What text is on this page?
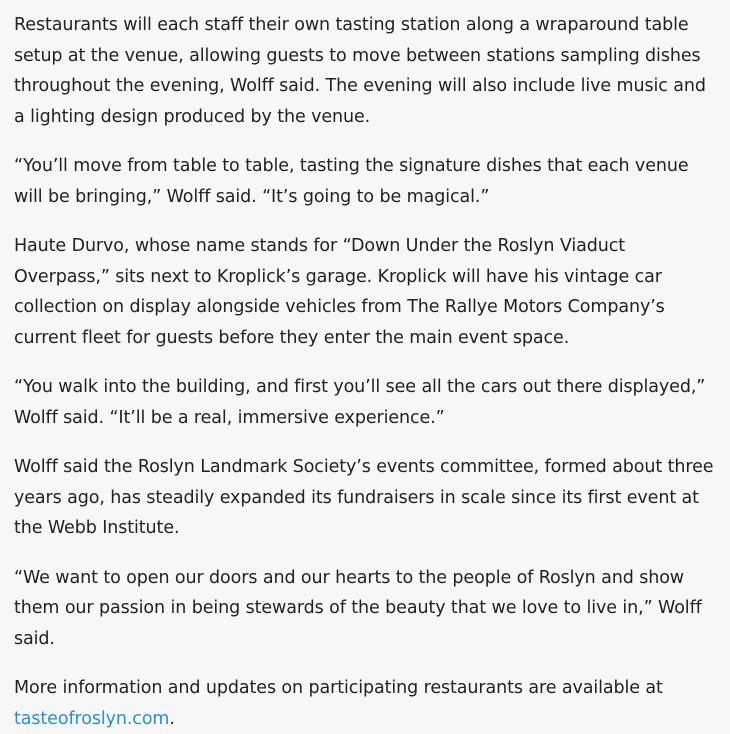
Restaurants will each staff their own tasting station along a wraparound table setup at the venue, allowing guests to move between stations sampling dishes throughout the evening, Wolff said. The evening will also include live music and a lighting design produced by the venue.

“You’ll move from table to table, tasting the signature dishes that each venue will be bringing,” Wolff said. “It’s going to be magical.”

Haute Durvo, whose name stands for “Down Under the Roslyn Viaduct Overpass,” sits next to Kroplick’s garage. Kroplick will have his vintage car collection on display alongside vehicles from The Rallye Motors Company’s current fleet for guests before they enter the main event space.

“You walk into the building, and first you’ll see all the cars out there displayed,” Wolff said. “It’ll be a real, immersive experience.”

Wolff said the Roslyn Landmark Society’s events committee, formed about three years ago, has steadily expanded its fundraisers in scale since its first event at the Webb Institute.

“We want to open our doors and our hearts to the people of Roslyn and show them our passion in being stewards of the beauty that we love to live in,” Wolff said.

More information and updates on participating restaurants are available at
tasteofroslyn.com.
